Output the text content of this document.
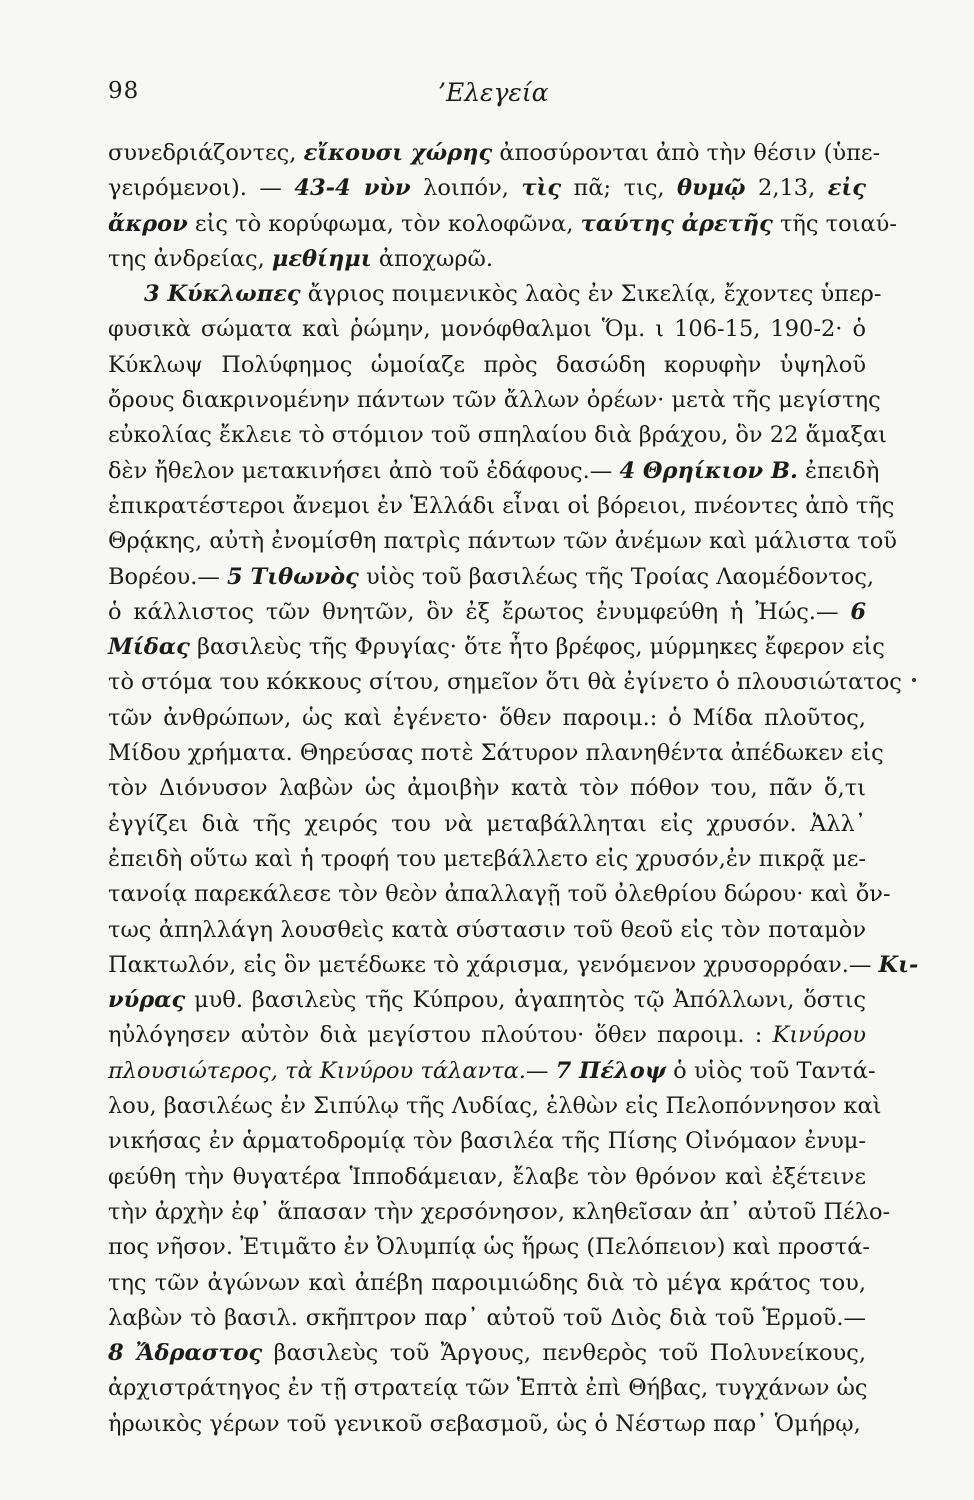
98	’Ελεγεία
συνεδριάζοντες, εἴκουσι χώρης ἀποσύρονται ἀπὸ τὴν θέσιν (ὑπε-
γειρόμενοι). — 43-4 νὺν λοιπόν, τὶς πᾶ; τις, θυμῷ 2,13, εἰς
ἄκρον εἰς τὸ κορύφωμα, τὸν κολοφῶνα, ταύτης ἀρετῆς τῆς τοιαύ-
της ἀνδρείας, μεθίημι ἀποχωρῶ.
3 Κύκλωπες ἄγριος ποιμενικὸς λαὸς ἐν Σικελίᾳ, ἔχοντες ὑπερ-
φυσικὰ σώματα καὶ ῥώμην, μονόφθαλμοι Ὅμ. ι 106-15, 190-2· ὁ
Κύκλωψ Πολύφημος ὡμοίαζε πρὸς δασώδη κορυφὴν ὑψηλοῦ
ὄρους διακρινομένην πάντων τῶν ἄλλων ὀρέων· μετὰ τῆς μεγίστης
εὐκολίας ἔκλειε τὸ στόμιον τοῦ σπηλαίου διὰ βράχου, ὃν 22 ἅμαξαι
δὲν ἤθελον μετακινήσει ἀπὸ τοῦ ἐδάφους.— 4 Θρηίκιον Β. ἐπειδὴ
ἐπικρατέστεροι ἄνεμοι ἐν Ἑλλάδι εἶναι οἱ βόρειοι, πνέοντες ἀπὸ τῆς
Θρᾴκης, αὐτὴ ἐνομίσθη πατρὶς πάντων τῶν ἀνέμων καὶ μάλιστα τοῦ
Βορέου.— 5 Τιθωνὸς υἱὸς τοῦ βασιλέως τῆς Τροίας Λαομέδοντος,
ὁ κάλλιστος τῶν θνητῶν, ὃν ἐξ ἔρωτος ἐνυμφεύθη ἡ Ἠώς.— 6
Μίδας βασιλεὺς τῆς Φρυγίας· ὅτε ἦτο βρέφος, μύρμηκες ἔφερον εἰς
τὸ στόμα του κόκκους σίτου, σημεῖον ὅτι θὰ ἐγίνετο ὁ πλουσιώτατος
τῶν ἀνθρώπων, ὡς καὶ ἐγένετο· ὅθεν παροιμ.: ὁ Μίδα πλοῦτος,
Μίδου χρήματα. Θηρεύσας ποτὲ Σάτυρον πλανηθέντα ἀπέδωκεν εἰς
τὸν Διόνυσον λαβὼν ὡς ἀμοιβὴν κατὰ τὸν πόθον του, πᾶν ὅ,τι
ἐγγίζει διὰ τῆς χειρός του νὰ μεταβάλληται εἰς χρυσόν. Ἀλλ᾽
ἐπειδὴ οὕτω καὶ ἡ τροφή του μετεβάλλετο εἰς χρυσόν,ἐν πικρᾷ με-
τανοίᾳ παρεκάλεσε τὸν θεὸν ἀπαλλαγῇ τοῦ ὀλεθρίου δώρου· καὶ ὄν-
τως ἀπηλλάγη λουσθεὶς κατὰ σύστασιν τοῦ θεοῦ εἰς τὸν ποταμὸν
Πακτωλόν, εἰς ὃν μετέδωκε τὸ χάρισμα, γενόμενον χρυσορρόαν.— Κι-
νύρας μυθ. βασιλεὺς τῆς Κύπρου, ἀγαπητὸς τῷ Ἀπόλλωνι, ὅστις
ηὐλόγησεν αὐτὸν διὰ μεγίστου πλούτου· ὅθεν παροιμ. : Κινύρου
πλουσιώτερος, τὰ Κινύρου τάλαντα.— 7 Πέλοψ ὁ υἱὸς τοῦ Ταντά-
λου, βασιλέως ἐν Σιπύλῳ τῆς Λυδίας, ἐλθὼν εἰς Πελοπόννησον καὶ
νικήσας ἐν ἁρματοδρομίᾳ τὸν βασιλέα τῆς Πίσης Οἰνόμαον ἐνυμ-
φεύθη τὴν θυγατέρα Ἱπποδάμειαν, ἔλαβε τὸν θρόνον καὶ ἐξέτεινε
τὴν ἀρχὴν ἐφ᾽ ἅπασαν τὴν χερσόνησον, κληθεῖσαν ἀπ᾽ αὐτοῦ Πέλο-
πος νῆσον. Ἐτιμᾶτο ἐν Ὀλυμπίᾳ ὡς ἥρως (Πελόπειον) καὶ προστά-
της τῶν ἀγώνων καὶ ἀπέβη παροιμιώδης διὰ τὸ μέγα κράτος του,
λαβὼν τὸ βασιλ. σκῆπτρον παρ᾽ αὐτοῦ τοῦ Διὸς διὰ τοῦ Ἑρμοῦ.—
8 Ἄδραστος βασιλεὺς τοῦ Ἄργους, πενθερὸς τοῦ Πολυνείκους,
ἀρχιστράτηγος ἐν τῇ στρατείᾳ τῶν Ἑπτὰ ἐπὶ Θήβας, τυγχάνων ὡς
ἡρωικὸς γέρων τοῦ γενικοῦ σεβασμοῦ, ὡς ὁ Νέστωρ παρ᾽ Ὁμήρῳ,
